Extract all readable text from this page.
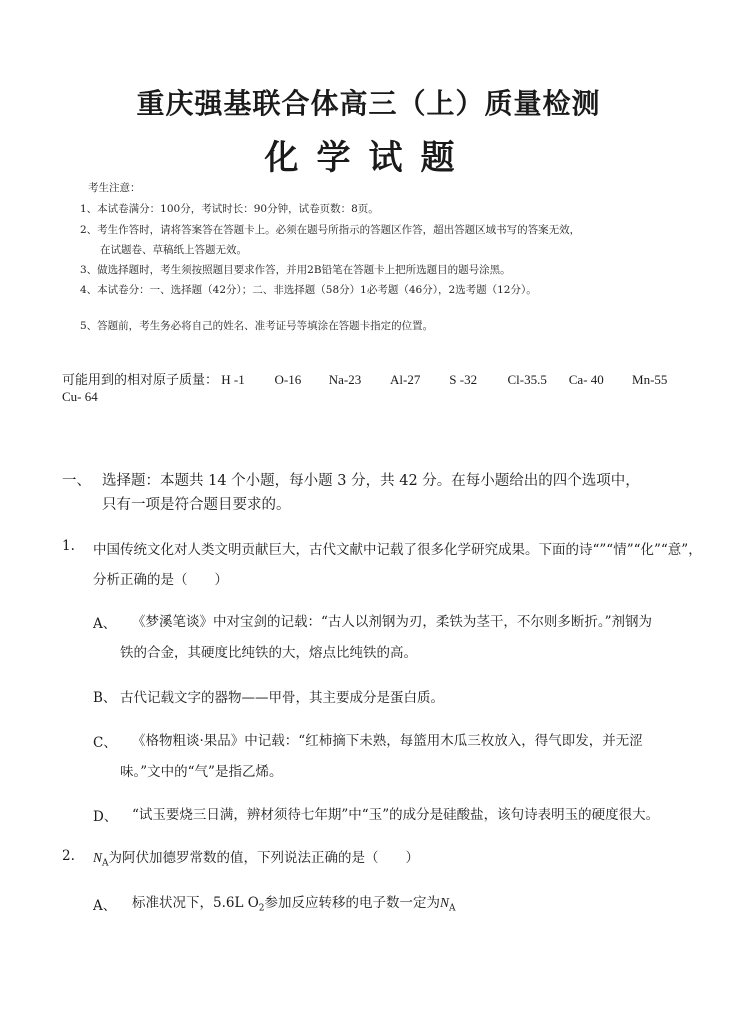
重庆强基联合体高三（上）质量检测
化学试题
考生注意：
1、本试卷满分：100分，考试时长：90分钟，试卷页数：8页。
2、考生作答时，请将答案答在答题卡上。必须在题号所指示的答题区作答，超出答题区域书写的答案无效，
在试题卷、草稿纸上答题无效。
3、做选择题时，考生须按照题目要求作答，并用2B铅笔在答题卡上把所选题目的题号涂黑。
4、本试卷分：一、选择题（42分）；二、非选择题（58分）1必考题（46分），2选考题（12分）。
5、答题前，考生务必将自己的姓名、准考证号等填涂在答题卡指定的位置。
可能用到的相对原子质量： H -1 O-16 Na-23 Al-27 S -32 Cl-35.5 Ca- 40 Mn-55
Cu- 64
一、 选择题：本题共 14 个小题，每小题 3 分，共 42 分。在每小题给出的四个选项中，
只有一项是符合题目要求的。
1. 中国传统文化对人类文明贡献巨大，古代文献中记载了很多化学研究成果。下面的诗“”“情”“化”“意”，
分析正确的是（　　）
A、 《梦溪笔谈》中对宝剑的记载：“古人以剂钢为刃，柔铁为茎干，不尔则多断折。”剂钢为
铁的合金，其硬度比纯铁的大，熔点比纯铁的高。
B、 古代记载文字的器物——甲骨，其主要成分是蛋白质。
C、 《格物粗谈·果品》中记载：“红柿摘下未熟，每篮用木瓜三枚放入，得气即发，并无涩
味。”文中的“气”是指乙烯。
D、 “试玉要烧三日满，辨材须待七年期”中“玉”的成分是硅酸盐，该句诗表明玉的硬度很大。
2. $N_A$为阿伏加德罗常数的值，下列说法正确的是（　　）
A、 标准状况下，5.6L $O_2$参加反应转移的电子数一定为$N_A$
